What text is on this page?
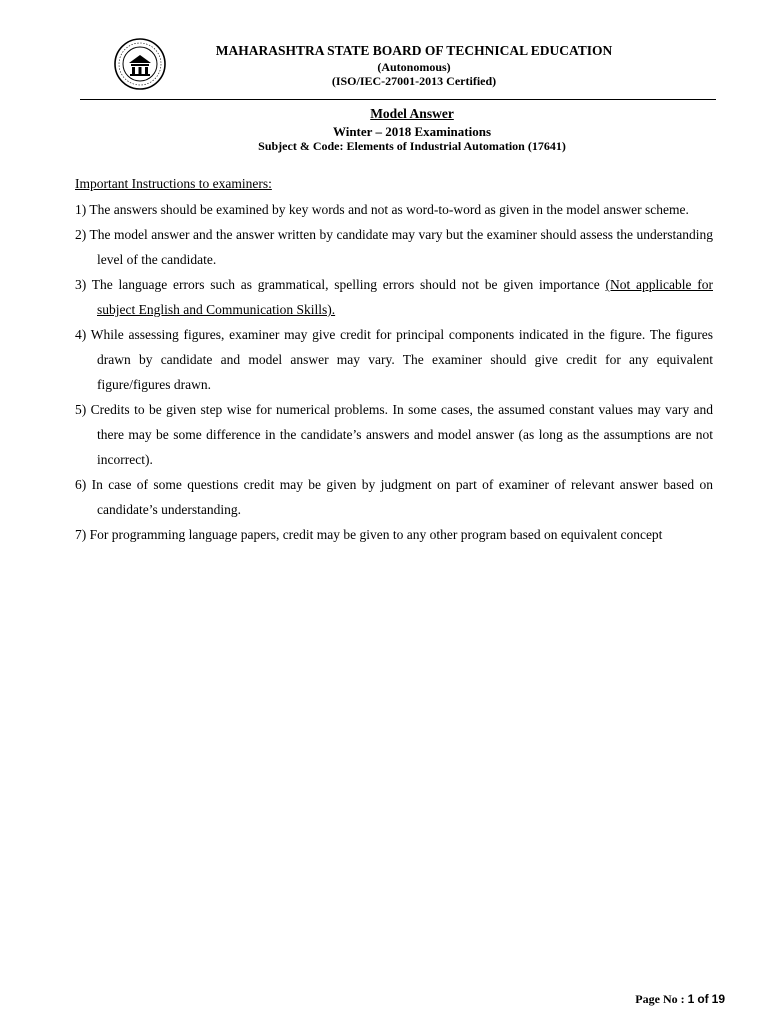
MAHARASHTRA STATE BOARD OF TECHNICAL EDUCATION
(Autonomous)
(ISO/IEC-27001-2013 Certified)
Model Answer
Winter – 2018 Examinations
Subject & Code: Elements of Industrial Automation (17641)
Important Instructions to examiners:
1) The answers should be examined by key words and not as word-to-word as given in the model answer scheme.
2) The model answer and the answer written by candidate may vary but the examiner should assess the understanding level of the candidate.
3) The language errors such as grammatical, spelling errors should not be given importance (Not applicable for subject English and Communication Skills).
4) While assessing figures, examiner may give credit for principal components indicated in the figure. The figures drawn by candidate and model answer may vary. The examiner should give credit for any equivalent figure/figures drawn.
5) Credits to be given step wise for numerical problems. In some cases, the assumed constant values may vary and there may be some difference in the candidate’s answers and model answer (as long as the assumptions are not incorrect).
6) In case of some questions credit may be given by judgment on part of examiner of relevant answer based on candidate’s understanding.
7) For programming language papers, credit may be given to any other program based on equivalent concept
Page No : 1 of 19
